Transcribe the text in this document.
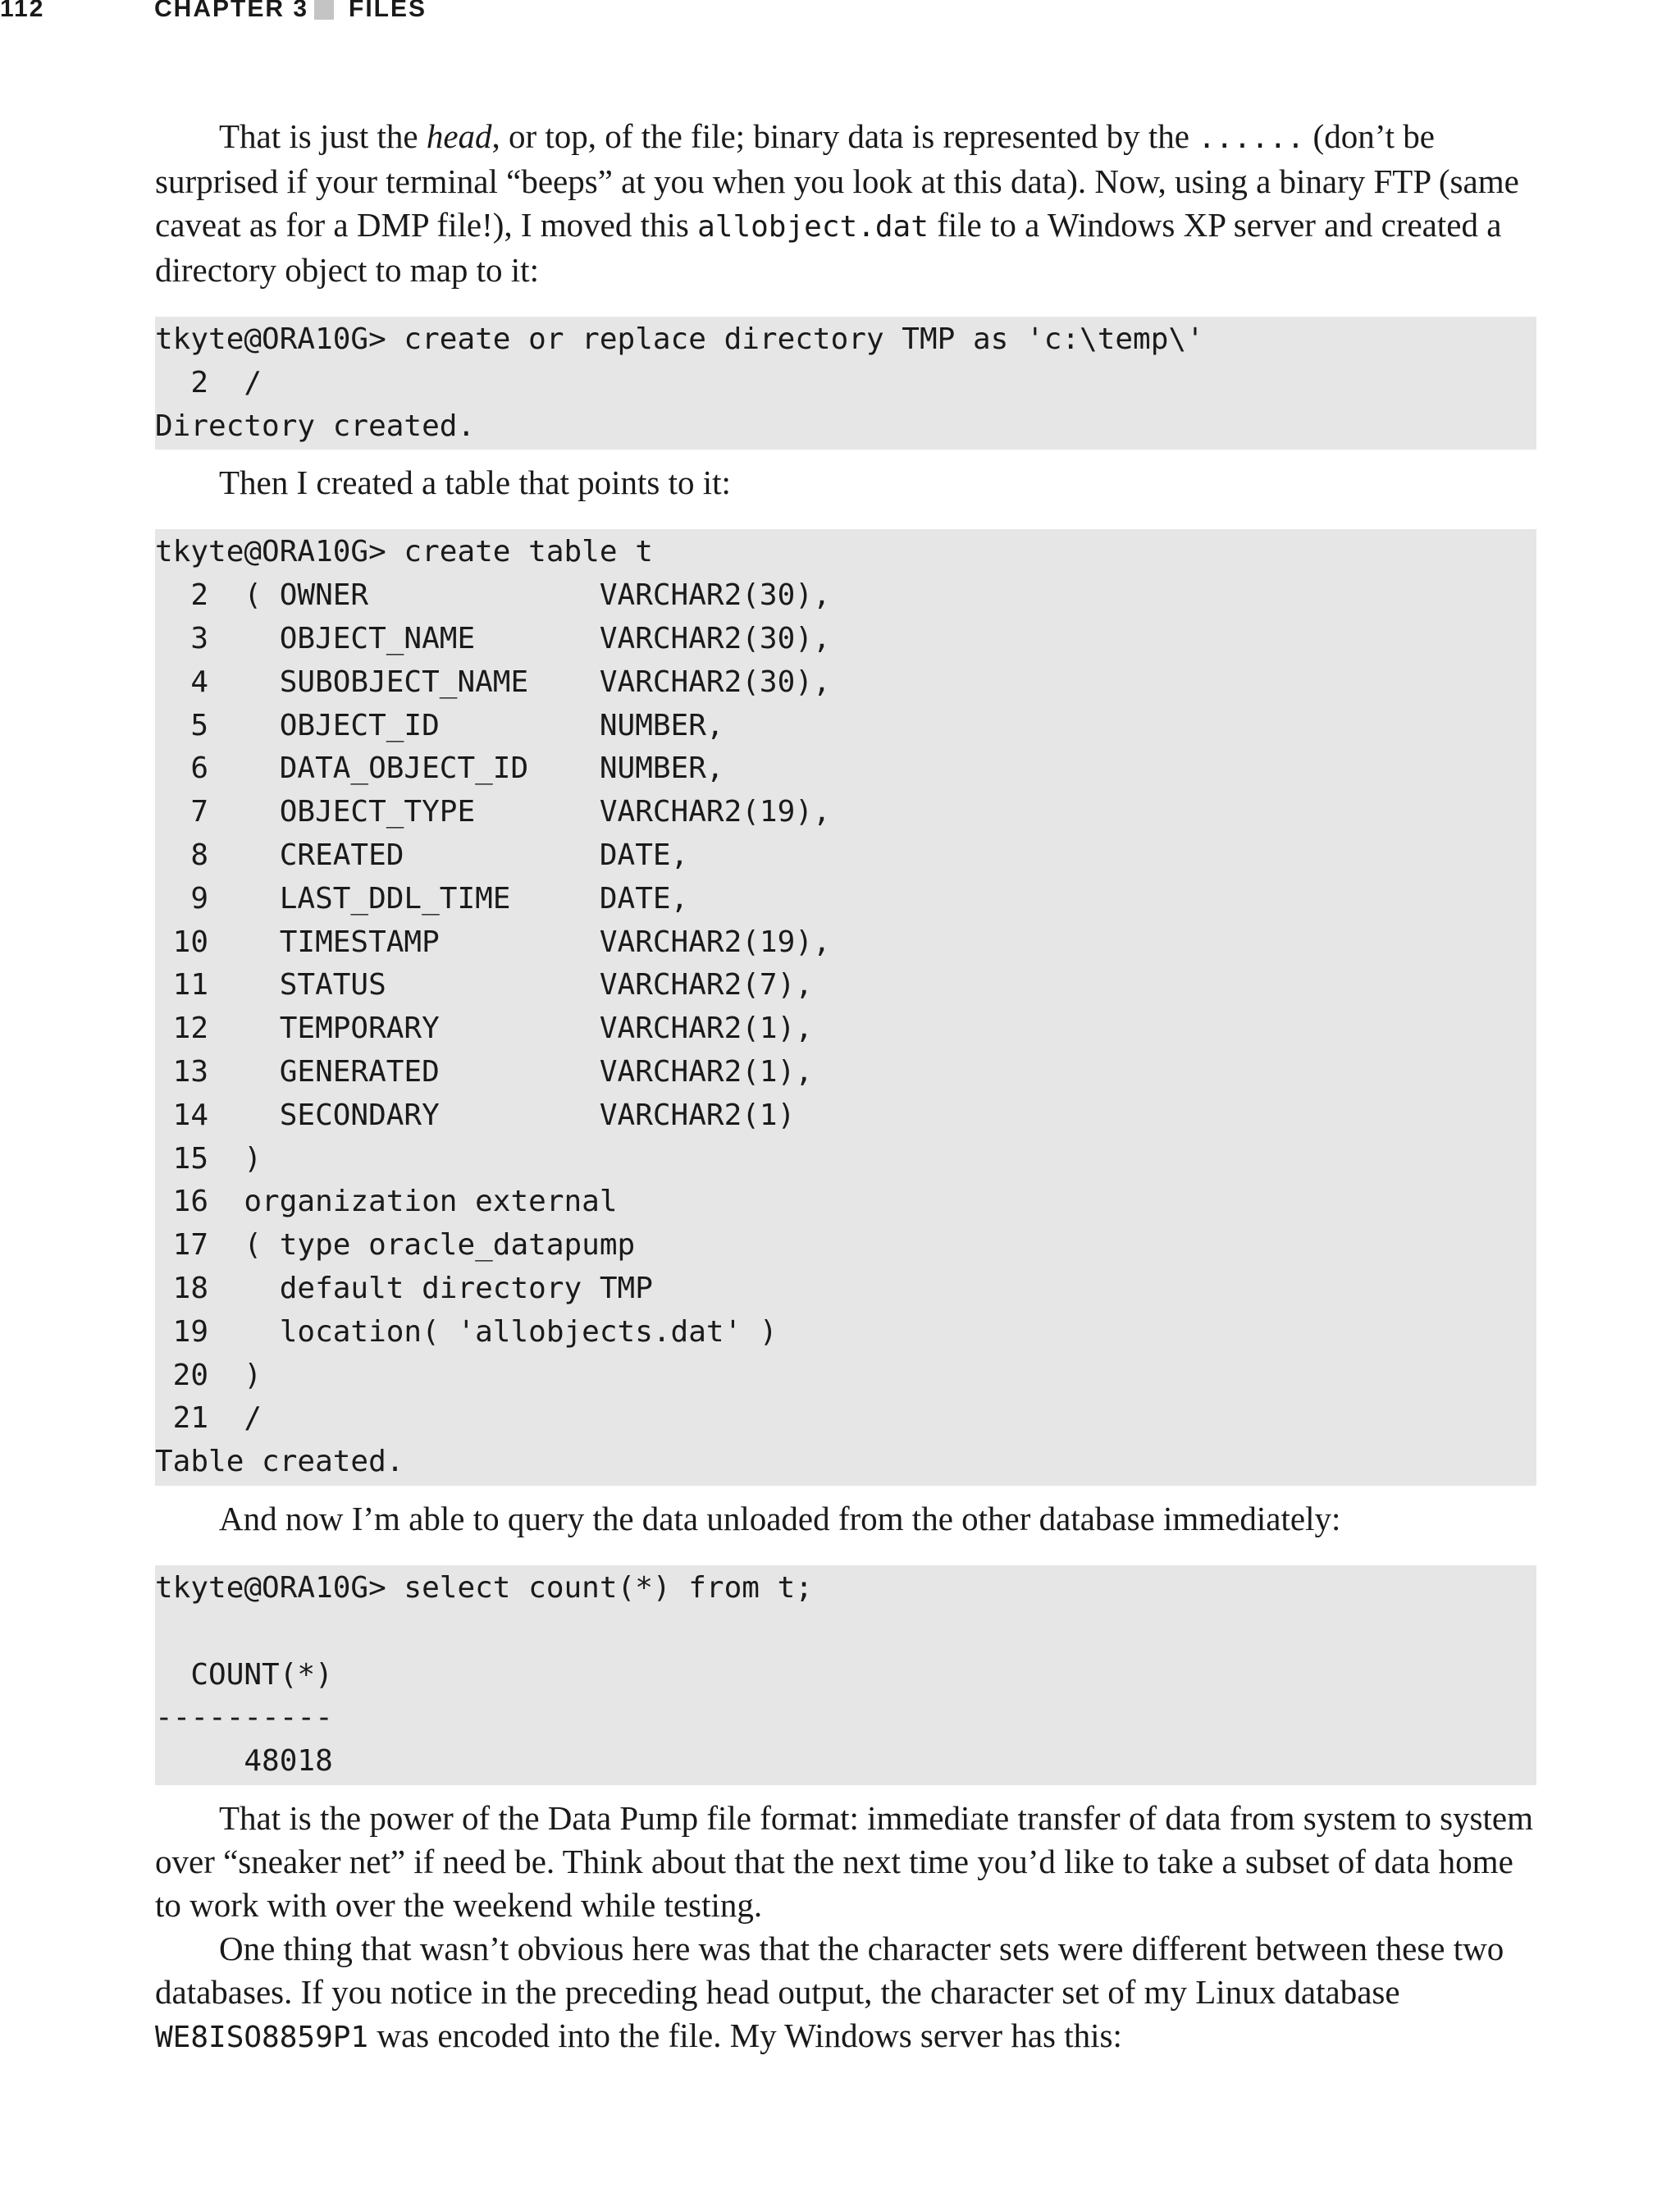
112	CHAPTER 3 FILES

That is just the head, or top, of the file; binary data is represented by the ...... (don’t be surprised if your terminal “beeps” at you when you look at this data). Now, using a binary FTP (same caveat as for a DMP file!), I moved this allobject.dat file to a Windows XP server and created a directory object to map to it:

tkyte@ORA10G> create or replace directory TMP as 'c:\temp\'
2  /
Directory created.

Then I created a table that points to it:

tkyte@ORA10G> create table t
2  ( OWNER             VARCHAR2(30),
3    OBJECT_NAME       VARCHAR2(30),
4    SUBOBJECT_NAME    VARCHAR2(30),
5    OBJECT_ID         NUMBER,
6    DATA_OBJECT_ID    NUMBER,
7    OBJECT_TYPE       VARCHAR2(19),
8    CREATED           DATE,
9    LAST_DDL_TIME     DATE,
10    TIMESTAMP         VARCHAR2(19),
11    STATUS            VARCHAR2(7),
12    TEMPORARY         VARCHAR2(1),
13    GENERATED         VARCHAR2(1),
14    SECONDARY         VARCHAR2(1)
15  )
16  organization external
17  ( type oracle_datapump
18    default directory TMP
19    location( 'allobjects.dat' )
20  )
21  /
Table created.

And now I’m able to query the data unloaded from the other database immediately:

tkyte@ORA10G> select count(*) from t;

COUNT(*)
----------
48018

That is the power of the Data Pump file format: immediate transfer of data from system to system over “sneaker net” if need be. Think about that the next time you’d like to take a subset of data home to work with over the weekend while testing.

One thing that wasn’t obvious here was that the character sets were different between these two databases. If you notice in the preceding head output, the character set of my Linux database WE8ISO8859P1 was encoded into the file. My Windows server has this:
